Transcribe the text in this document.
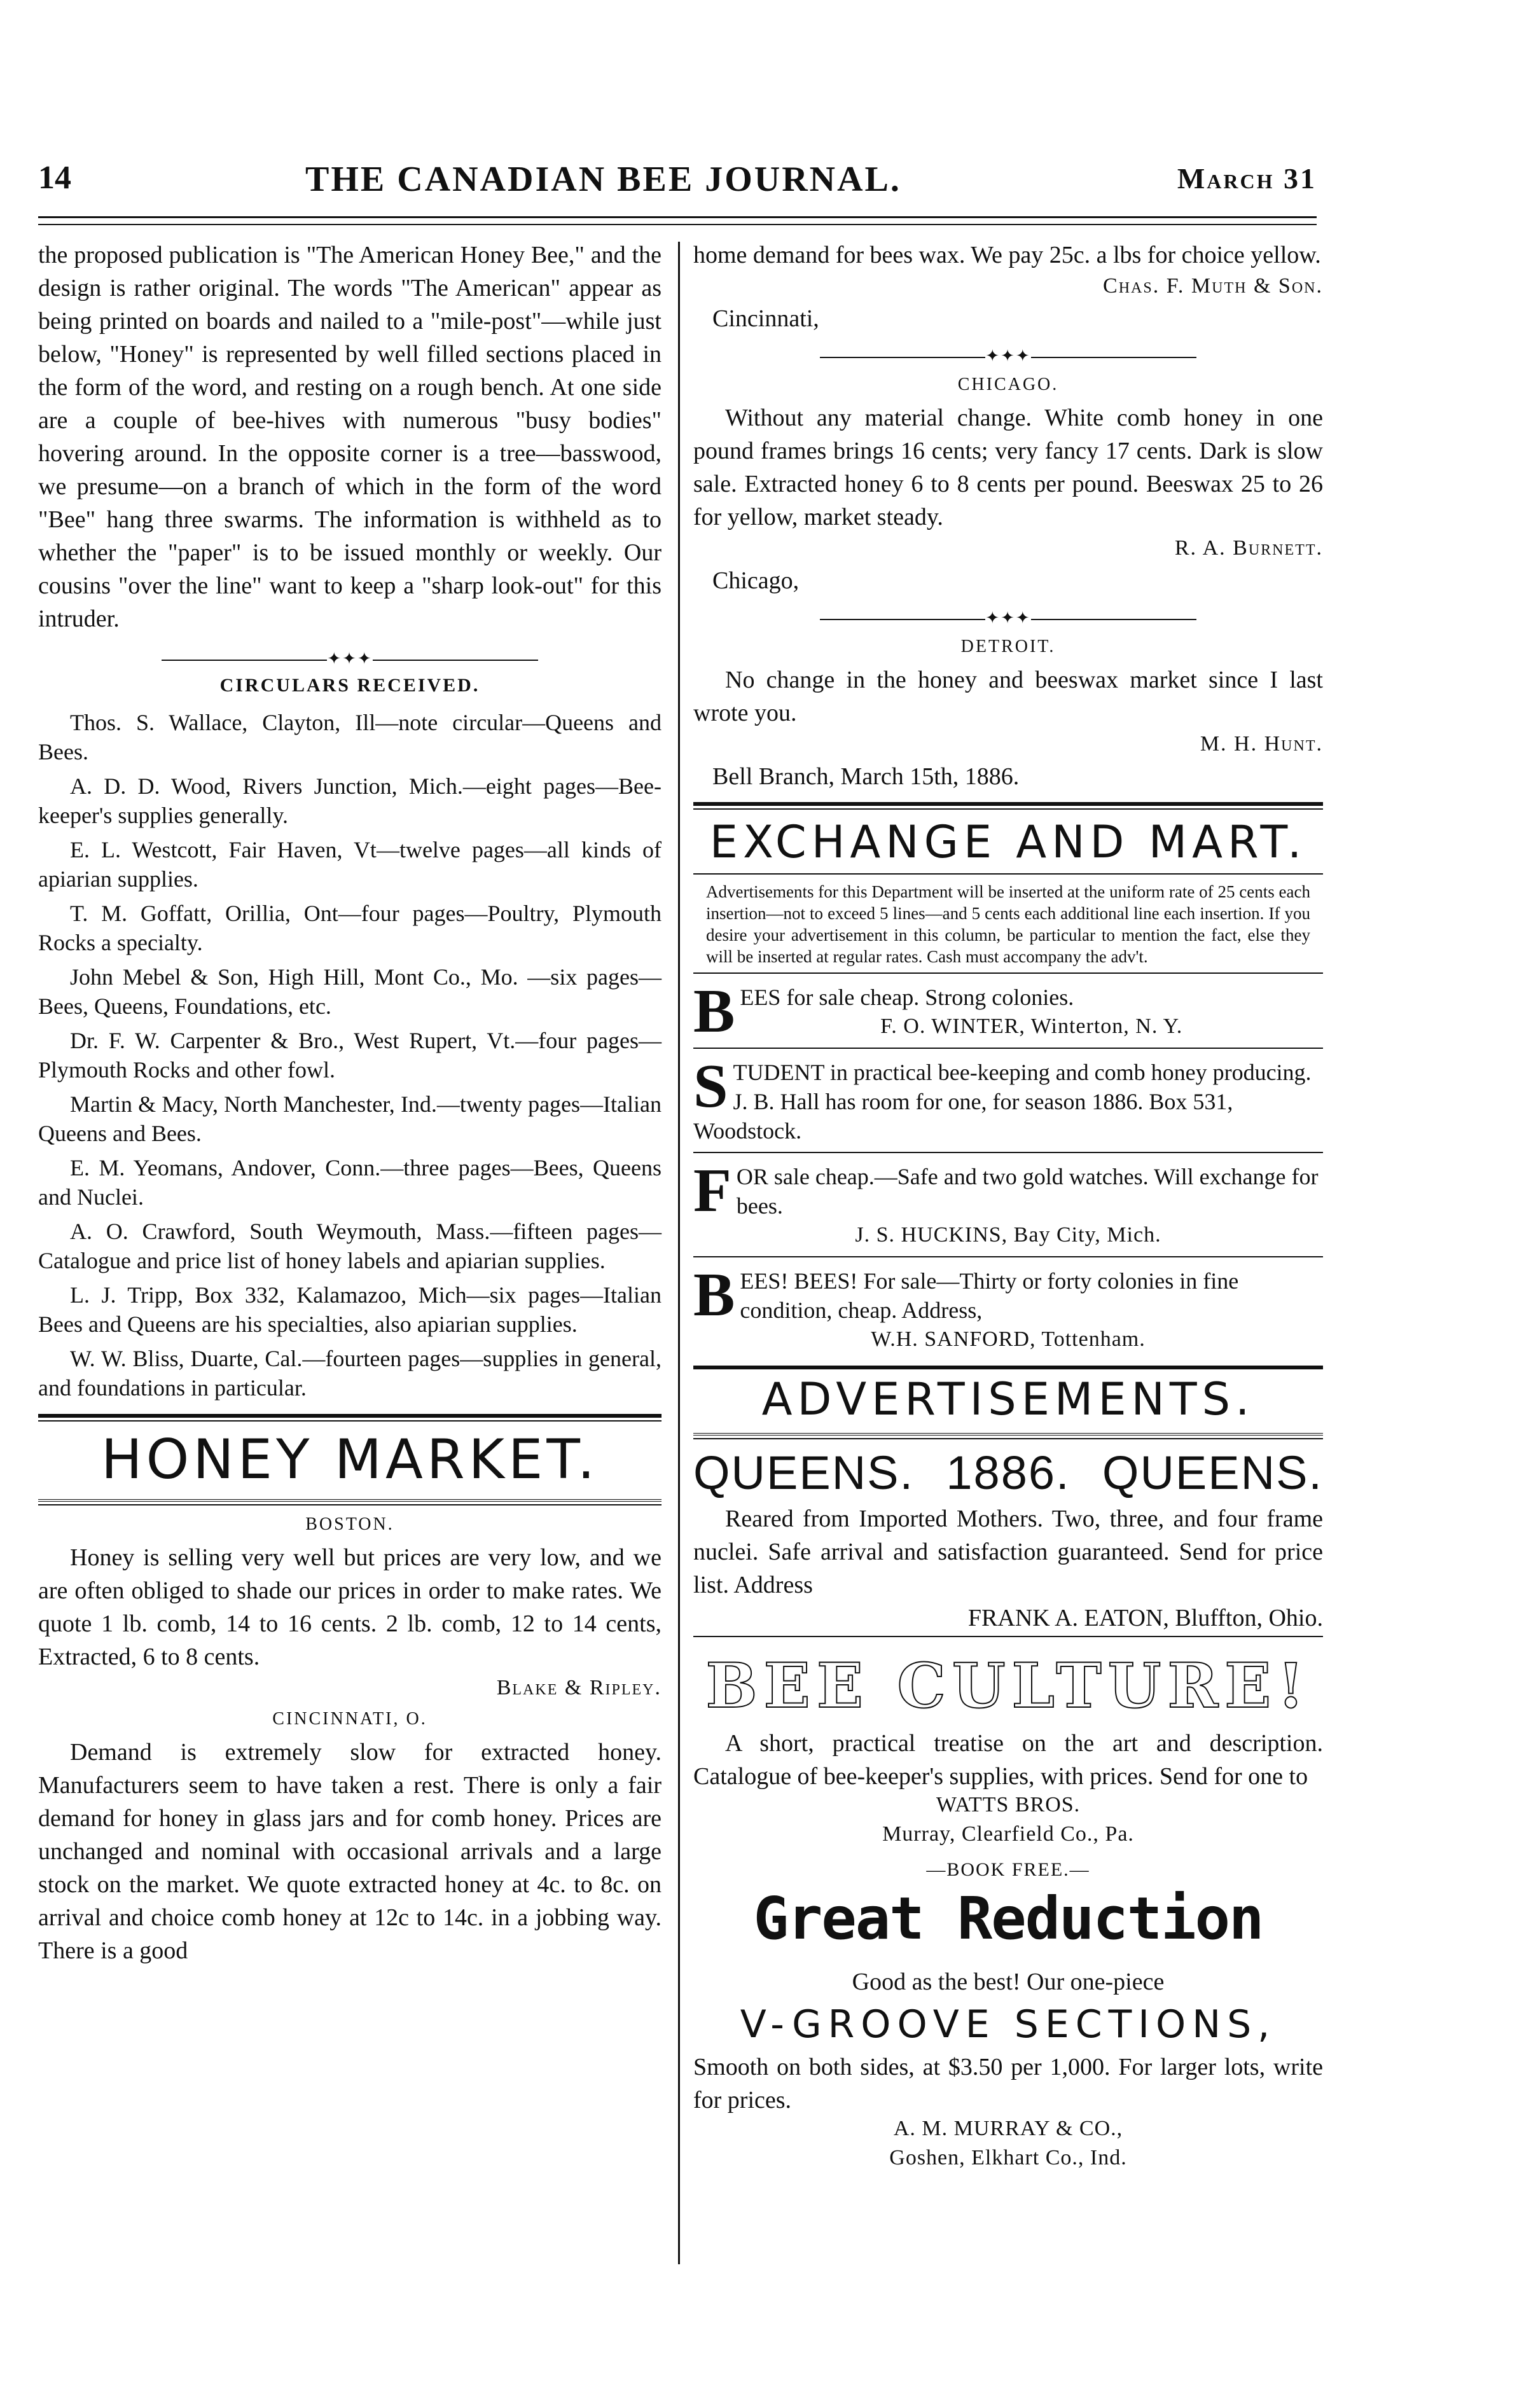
14	THE CANADIAN BEE JOURNAL.	March 31

the proposed publication is "The American Honey Bee," and the design is rather original. The words "The American" appear as being printed on boards and nailed to a "mile-post"—while just below, "Honey" is represented by well filled sections placed in the form of the word, and resting on a rough bench. At one side are a couple of bee-hives with numerous "busy bodies" hovering around. In the opposite corner is a tree—basswood, we presume—on a branch of which in the form of the word "Bee" hang three swarms. The information is withheld as to whether the "paper" is to be issued monthly or weekly. Our cousins "over the line" want to keep a "sharp look-out" for this intruder.

✦✦✦
CIRCULARS RECEIVED.

Thos. S. Wallace, Clayton, Ill—note circular—Queens and Bees.

A. D. D. Wood, Rivers Junction, Mich.—eight pages—Bee-keeper's supplies generally.

E. L. Westcott, Fair Haven, Vt—twelve pages—all kinds of apiarian supplies.

T. M. Goffatt, Orillia, Ont—four pages—Poultry, Plymouth Rocks a specialty.

John Mebel & Son, High Hill, Mont Co., Mo. —six pages—Bees, Queens, Foundations, etc.

Dr. F. W. Carpenter & Bro., West Rupert, Vt.—four pages—Plymouth Rocks and other fowl.

Martin & Macy, North Manchester, Ind.—twenty pages—Italian Queens and Bees.

E. M. Yeomans, Andover, Conn.—three pages—Bees, Queens and Nuclei.

A. O. Crawford, South Weymouth, Mass.—fifteen pages—Catalogue and price list of honey labels and apiarian supplies.

L. J. Tripp, Box 332, Kalamazoo, Mich—six pages—Italian Bees and Queens are his specialties, also apiarian supplies.

W. W. Bliss, Duarte, Cal.—fourteen pages—supplies in general, and foundations in particular.

HONEY MARKET.
BOSTON.

Honey is selling very well but prices are very low, and we are often obliged to shade our prices in order to make rates. We quote 1 lb. comb, 14 to 16 cents. 2 lb. comb, 12 to 14 cents, Extracted, 6 to 8 cents.

Blake & Ripley.
CINCINNATI, O.

Demand is extremely slow for extracted honey. Manufacturers seem to have taken a rest. There is only a fair demand for honey in glass jars and for comb honey. Prices are unchanged and nominal with occasional arrivals and a large stock on the market. We quote extracted honey at 4c. to 8c. on arrival and choice comb honey at 12c to 14c. in a jobbing way. There is a good

home demand for bees wax. We pay 25c. a lbs for choice yellow.

Chas. F. Muth & Son.
Cincinnati,
✦✦✦
CHICAGO.

Without any material change. White comb honey in one pound frames brings 16 cents; very fancy 17 cents. Dark is slow sale. Extracted honey 6 to 8 cents per pound. Beeswax 25 to 26 for yellow, market steady.

R. A. Burnett.
Chicago,
✦✦✦
DETROIT.

No change in the honey and beeswax market since I last wrote you.

M. H. Hunt.
Bell Branch, March 15th, 1886.
EXCHANGE AND MART.

Advertisements for this Department will be inserted at the uniform rate of 25 cents each insertion—not to exceed 5 lines—and 5 cents each additional line each insertion. If you desire your advertisement in this column, be particular to mention the fact, else they will be inserted at regular rates. Cash must accompany the adv't.

B EES for sale cheap. Strong colonies.
F. O. WINTER, Winterton, N. Y.
S TUDENT in practical bee-keeping and comb honey producing. J. B. Hall has room for one, for season 1886. Box 531, Woodstock.
F OR sale cheap.—Safe and two gold watches. Will exchange for bees.
J. S. HUCKINS, Bay City, Mich.
B EES! BEES! For sale—Thirty or forty colonies in fine condition, cheap. Address,
W.H. SANFORD, Tottenham.
ADVERTISEMENTS.
QUEENS. 1886. QUEENS.

Reared from Imported Mothers. Two, three, and four frame nuclei. Safe arrival and satisfaction guaranteed. Send for price list. Address

FRANK A. EATON, Bluffton, Ohio.
BEE CULTURE!

A short, practical treatise on the art and description. Catalogue of bee-keeper's supplies, with prices. Send for one to

WATTS BROS.
Murray, Clearfield Co., Pa.
—BOOK FREE.—
Great Reduction
Good as the best! Our one-piece
V-GROOVE SECTIONS,

Smooth on both sides, at $3.50 per 1,000. For larger lots, write for prices.

A. M. MURRAY & CO.,
Goshen, Elkhart Co., Ind.
